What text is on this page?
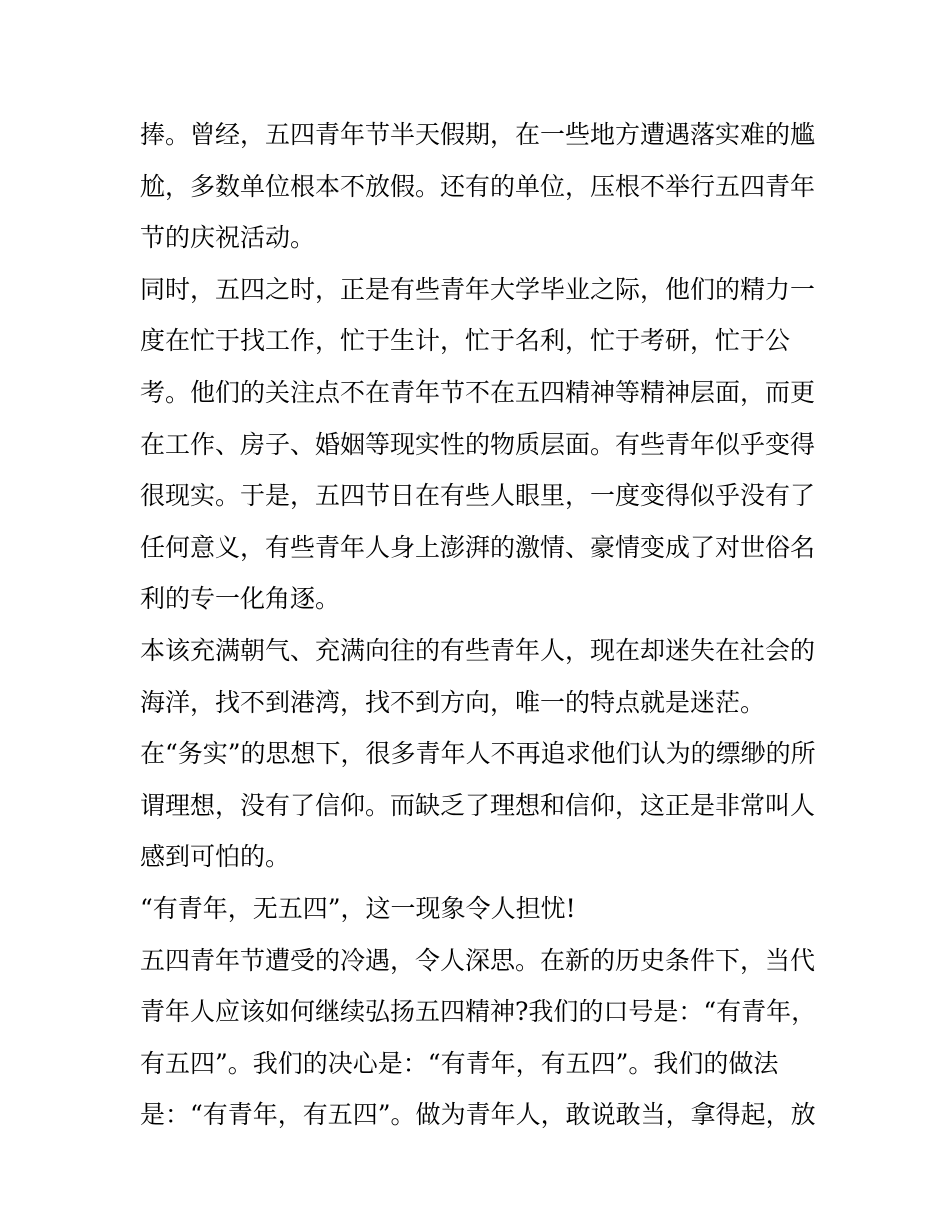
捧。曾经，五四青年节半天假期，在一些地方遭遇落实难的尴
尬，多数单位根本不放假。还有的单位，压根不举行五四青年
节的庆祝活动。
同时，五四之时，正是有些青年大学毕业之际，他们的精力一
度在忙于找工作，忙于生计，忙于名利，忙于考研，忙于公
考。他们的关注点不在青年节不在五四精神等精神层面，而更
在工作、房子、婚姻等现实性的物质层面。有些青年似乎变得
很现实。于是，五四节日在有些人眼里，一度变得似乎没有了
任何意义，有些青年人身上澎湃的激情、豪情变成了对世俗名
利的专一化角逐。
本该充满朝气、充满向往的有些青年人，现在却迷失在社会的
海洋，找不到港湾，找不到方向，唯一的特点就是迷茫。
在“务实”的思想下，很多青年人不再追求他们认为的缥缈的所
谓理想，没有了信仰。而缺乏了理想和信仰，这正是非常叫人
感到可怕的。
“有青年，无五四”，这一现象令人担忧!
五四青年节遭受的冷遇，令人深思。在新的历史条件下，当代
青年人应该如何继续弘扬五四精神?我们的口号是：“有青年，
有五四”。我们的决心是：“有青年，有五四”。我们的做法
是：“有青年，有五四”。做为青年人，敢说敢当，拿得起，放
